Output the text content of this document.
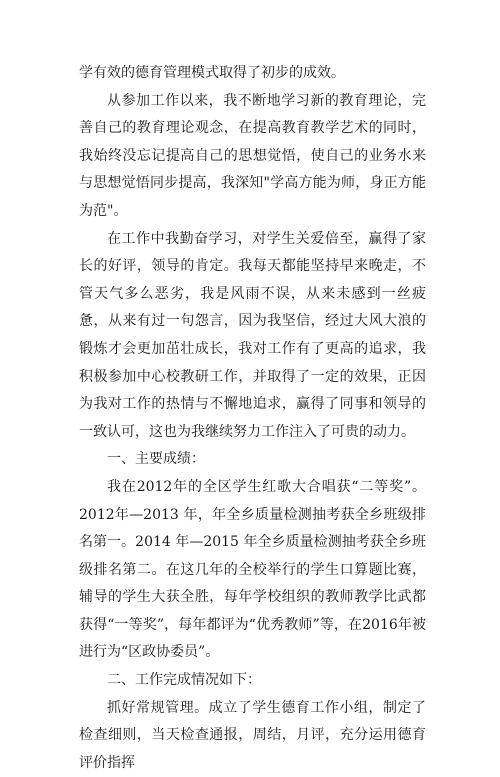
学有效的德育管理模式取得了初步的成效。

从参加工作以来，我不断地学习新的教育理论，完善自己的教育理论观念，在提高教育教学艺术的同时，我始终没忘记提高自己的思想觉悟，使自己的业务水来与思想觉悟同步提高，我深知"学高方能为师，身正方能为范"。

在工作中我勤奋学习，对学生关爱倍至，赢得了家长的好评，领导的肯定。我每天都能坚持早来晚走，不管天气多么恶劣，我是风雨不误，从来未感到一丝疲惫，从来有过一句怨言，因为我坚信，经过大风大浪的锻炼才会更加茁壮成长，我对工作有了更高的追求，我积极参加中心校教研工作，并取得了一定的效果，正因为我对工作的热情与不懈地追求，赢得了同事和领导的一致认可，这也为我继续努力工作注入了可贵的动力。

一、主要成绩：

我在2012年的全区学生红歌大合唱获“二等奖”。2012年—2013 年，年全乡质量检测抽考获全乡班级排名第一。2014 年—2015 年全乡质量检测抽考获全乡班级排名第二。在这几年的全校举行的学生口算题比赛，辅导的学生大获全胜，每年学校组织的教师教学比武都获得“一等奖”，每年都评为“优秀教师”等，在2016年被进行为“区政协委员”。

二、工作完成情况如下：

抓好常规管理。成立了学生德育工作小组，制定了检查细则，当天检查通报，周结，月评，充分运用德育评价指挥
